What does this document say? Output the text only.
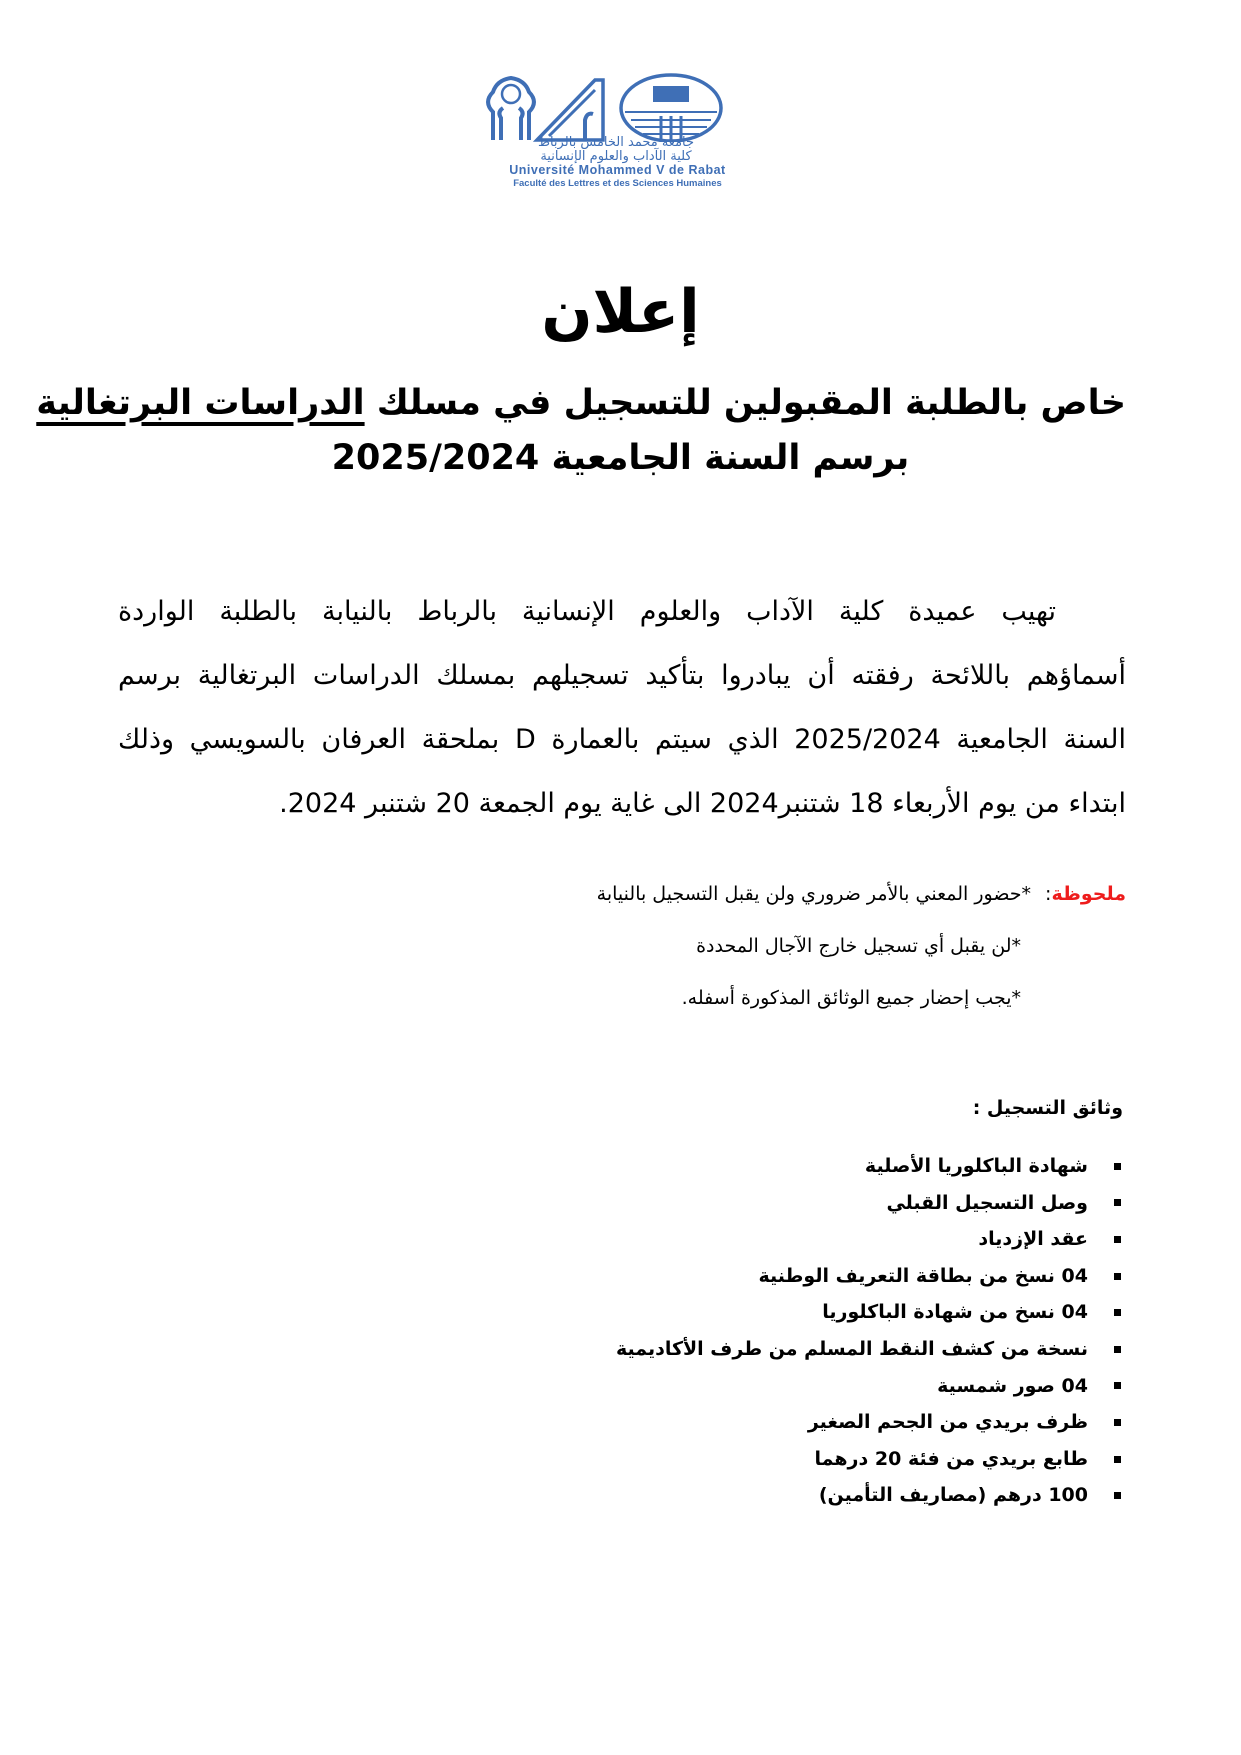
جامعة محمد الخامس بالرباط
كلية الآداب والعلوم الإنسانية
Université Mohammed V de Rabat
Faculté des Lettres et des Sciences Humaines
إعلان
خاص بالطلبة المقبولين للتسجيل في مسلك الدراسات البرتغالية
برسم السنة الجامعية 2025/2024
تهيب عميدة كلية الآداب والعلوم الإنسانية بالرباط بالنيابة بالطلبة الواردة
أسماؤهم باللائحة رفقته أن يبادروا بتأكيد تسجيلهم بمسلك الدراسات البرتغالية برسم
السنة الجامعية 2025/2024 الذي سيتم بالعمارة D بملحقة العرفان بالسويسي وذلك
ابتداء من يوم الأربعاء 18 شتنبر2024 الى غاية يوم الجمعة 20 شتنبر 2024.
ملحوظة:*حضور المعني بالأمر ضروري ولن يقبل التسجيل بالنيابة
*لن يقبل أي تسجيل خارج الآجال المحددة
*يجب إحضار جميع الوثائق المذكورة أسفله.
وثائق التسجيل :
شهادة الباكلوريا الأصلية
وصل التسجيل القبلي
عقد الإزدياد
04 نسخ من بطاقة التعريف الوطنية
04 نسخ من شهادة الباكلوريا
نسخة من كشف النقط المسلم من طرف الأكاديمية
04 صور شمسية
ظرف بريدي من الجحم الصغير
طابع بريدي من فئة 20 درهما
100 درهم (مصاريف التأمين)
